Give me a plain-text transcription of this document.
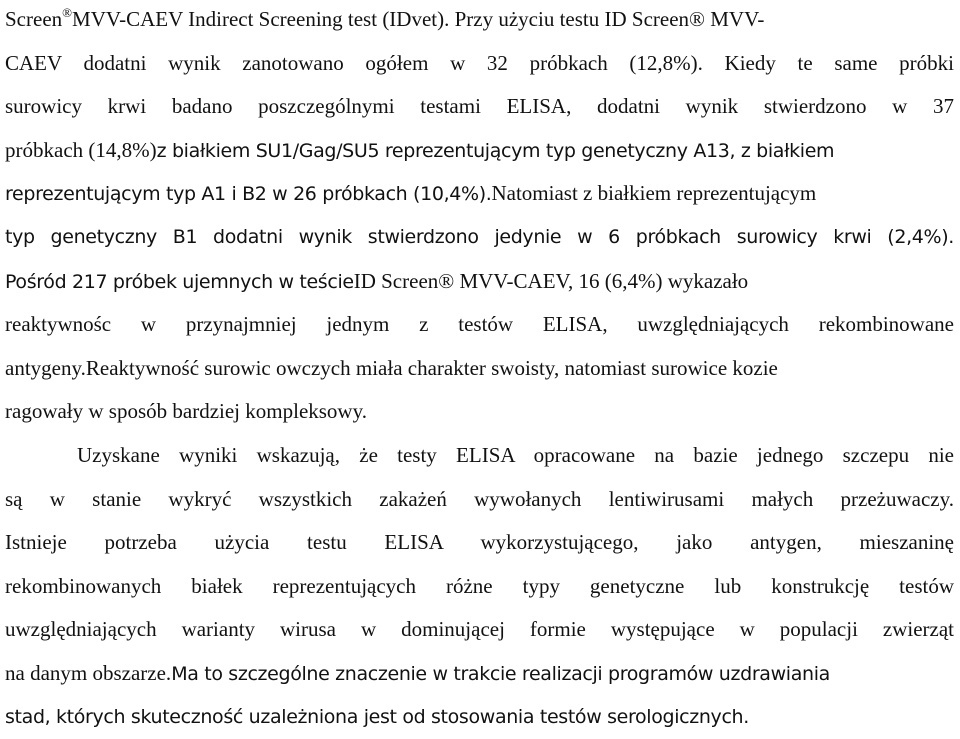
Screen®MVV-CAEV Indirect Screening test (IDvet). Przy użyciu testu ID Screen® MVV-
CAEV dodatni wynik zanotowano ogółem w 32 próbkach (12,8%). Kiedy te same próbki
surowicy krwi badano poszczególnymi testami ELISA, dodatni wynik stwierdzono w 37
próbkach (14,8%)z białkiem SU1/Gag/SU5 reprezentującym typ genetyczny A13, z białkiem
reprezentującym typ A1 i B2 w 26 próbkach (10,4%).Natomiast z białkiem reprezentującym
typ genetyczny B1 dodatni wynik stwierdzono jedynie w 6 próbkach surowicy krwi (2,4%).
Pośród 217 próbek ujemnych w teścieID Screen® MVV-CAEV, 16 (6,4%) wykazało
reaktywnośc w przynajmniej jednym z testów ELISA, uwzględniających rekombinowane
antygeny.Reaktywność surowic owczych miała charakter swoisty, natomiast surowice kozie
ragowały w sposób bardziej kompleksowy.
Uzyskane wyniki wskazują, że testy ELISA opracowane na bazie jednego szczepu nie
są w stanie wykryć wszystkich zakażeń wywołanych lentiwirusami małych przeżuwaczy.
Istnieje potrzeba użycia testu ELISA wykorzystującego, jako antygen, mieszaninę
rekombinowanych białek reprezentujących różne typy genetyczne lub konstrukcję testów
uwzględniających warianty wirusa w dominującej formie występujące w populacji zwierząt
na danym obszarze.Ma to szczególne znaczenie w trakcie realizacji programów uzdrawiania
stad, których skuteczność uzależniona jest od stosowania testów serologicznych.
